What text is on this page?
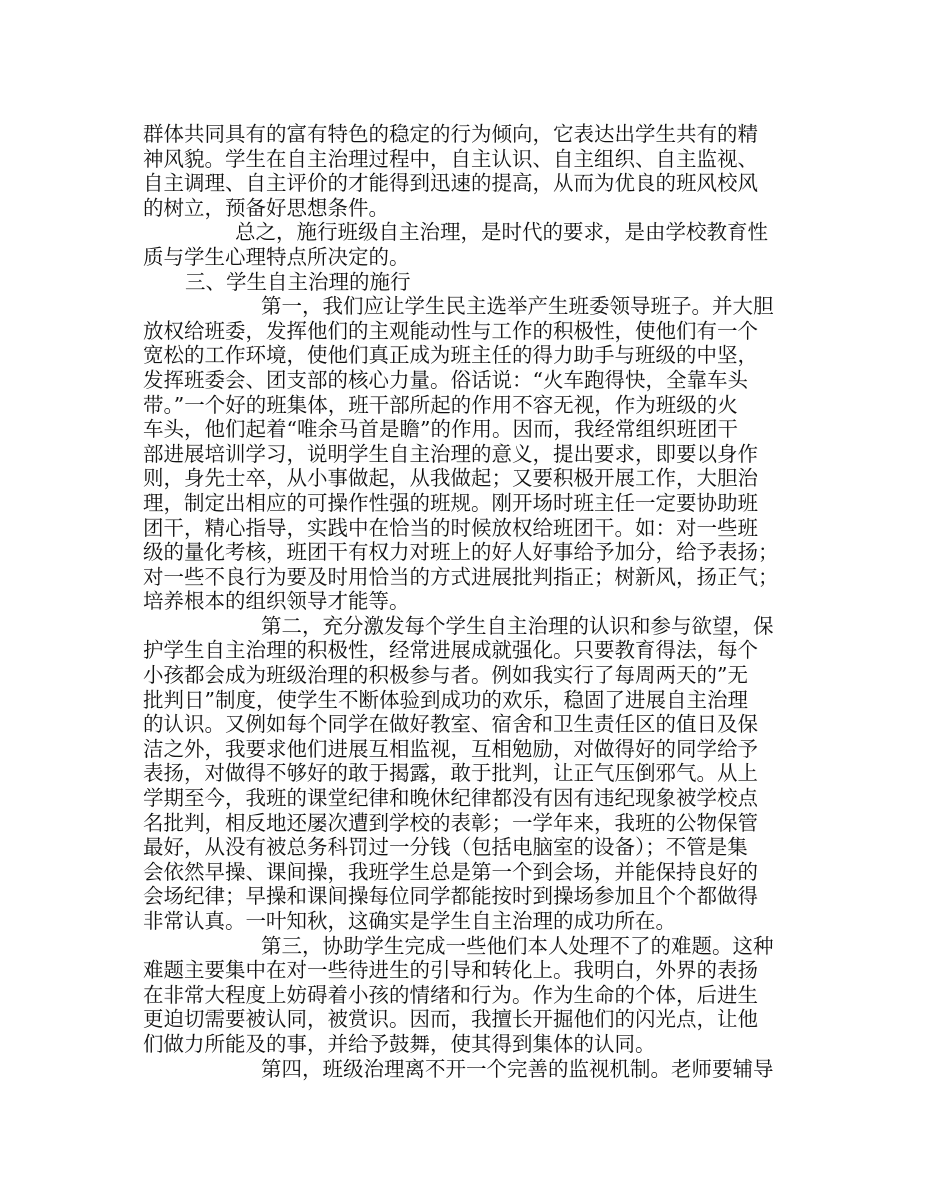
群体共同具有的富有特色的稳定的行为倾向，它表达出学生共有的精
神风貌。学生在自主治理过程中，自主认识、自主组织、自主监视、
自主调理、自主评价的才能得到迅速的提高，从而为优良的班风校风
的树立，预备好思想条件。
总之，施行班级自主治理，是时代的要求，是由学校教育性
质与学生心理特点所决定的。
三、学生自主治理的施行
第一，我们应让学生民主选举产生班委领导班子。并大胆
放权给班委，发挥他们的主观能动性与工作的积极性，使他们有一个
宽松的工作环境，使他们真正成为班主任的得力助手与班级的中坚，
发挥班委会、团支部的核心力量。俗话说：“火车跑得快，全靠车头
带。”一个好的班集体，班干部所起的作用不容无视，作为班级的火
车头，他们起着“唯余马首是瞻”的作用。因而，我经常组织班团干
部进展培训学习，说明学生自主治理的意义，提出要求，即要以身作
则，身先士卒，从小事做起，从我做起；又要积极开展工作，大胆治
理，制定出相应的可操作性强的班规。刚开场时班主任一定要协助班
团干，精心指导，实践中在恰当的时候放权给班团干。如：对一些班
级的量化考核，班团干有权力对班上的好人好事给予加分，给予表扬；
对一些不良行为要及时用恰当的方式进展批判指正；树新风，扬正气；
培养根本的组织领导才能等。
第二，充分激发每个学生自主治理的认识和参与欲望，保
护学生自主治理的积极性，经常进展成就强化。只要教育得法，每个
小孩都会成为班级治理的积极参与者。例如我实行了每周两天的”无
批判日”制度，使学生不断体验到成功的欢乐，稳固了进展自主治理
的认识。又例如每个同学在做好教室、宿舍和卫生责任区的值日及保
洁之外，我要求他们进展互相监视，互相勉励，对做得好的同学给予
表扬，对做得不够好的敢于揭露，敢于批判，让正气压倒邪气。从上
学期至今，我班的课堂纪律和晚休纪律都没有因有违纪现象被学校点
名批判，相反地还屡次遭到学校的表彰；一学年来，我班的公物保管
最好，从没有被总务科罚过一分钱（包括电脑室的设备）；不管是集
会依然早操、课间操，我班学生总是第一个到会场，并能保持良好的
会场纪律；早操和课间操每位同学都能按时到操场参加且个个都做得
非常认真。一叶知秋，这确实是学生自主治理的成功所在。
第三，协助学生完成一些他们本人处理不了的难题。这种
难题主要集中在对一些待进生的引导和转化上。我明白，外界的表扬
在非常大程度上妨碍着小孩的情绪和行为。作为生命的个体，后进生
更迫切需要被认同，被赏识。因而，我擅长开掘他们的闪光点，让他
们做力所能及的事，并给予鼓舞，使其得到集体的认同。
第四，班级治理离不开一个完善的监视机制。老师要辅导
